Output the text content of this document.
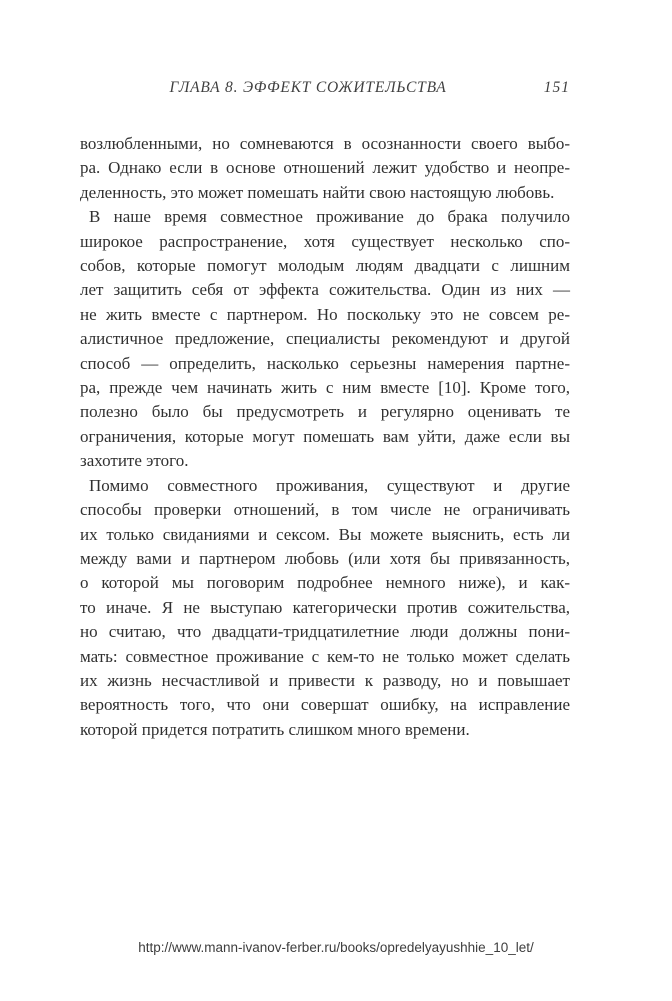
ГЛАВА 8. ЭФФЕКТ СОЖИТЕЛЬСТВА	151
возлюбленными, но сомневаются в осознанности своего выбо-
ра. Однако если в основе отношений лежит удобство и неопре-
деленность, это может помешать найти свою настоящую любовь.
В наше время совместное проживание до брака получило
широкое распространение, хотя существует несколько спо-
собов, которые помогут молодым людям двадцати с лишним
лет защитить себя от эффекта сожительства. Один из них —
не жить вместе с партнером. Но поскольку это не совсем ре-
алистичное предложение, специалисты рекомендуют и другой
способ — определить, насколько серьезны намерения партне-
ра, прежде чем начинать жить с ним вместе [10]. Кроме того,
полезно было бы предусмотреть и регулярно оценивать те
ограничения, которые могут помешать вам уйти, даже если вы
захотите этого.
Помимо совместного проживания, существуют и другие
способы проверки отношений, в том числе не ограничивать
их только свиданиями и сексом. Вы можете выяснить, есть ли
между вами и партнером любовь (или хотя бы привязанность,
о которой мы поговорим подробнее немного ниже), и как-
то иначе. Я не выступаю категорически против сожительства,
но считаю, что двадцати-тридцатилетние люди должны пони-
мать: совместное проживание с кем-то не только может сделать
их жизнь несчастливой и привести к разводу, но и повышает
вероятность того, что они совершат ошибку, на исправление
которой придется потратить слишком много времени.
http://www.mann-ivanov-ferber.ru/books/opredelyayushhie_10_let/
